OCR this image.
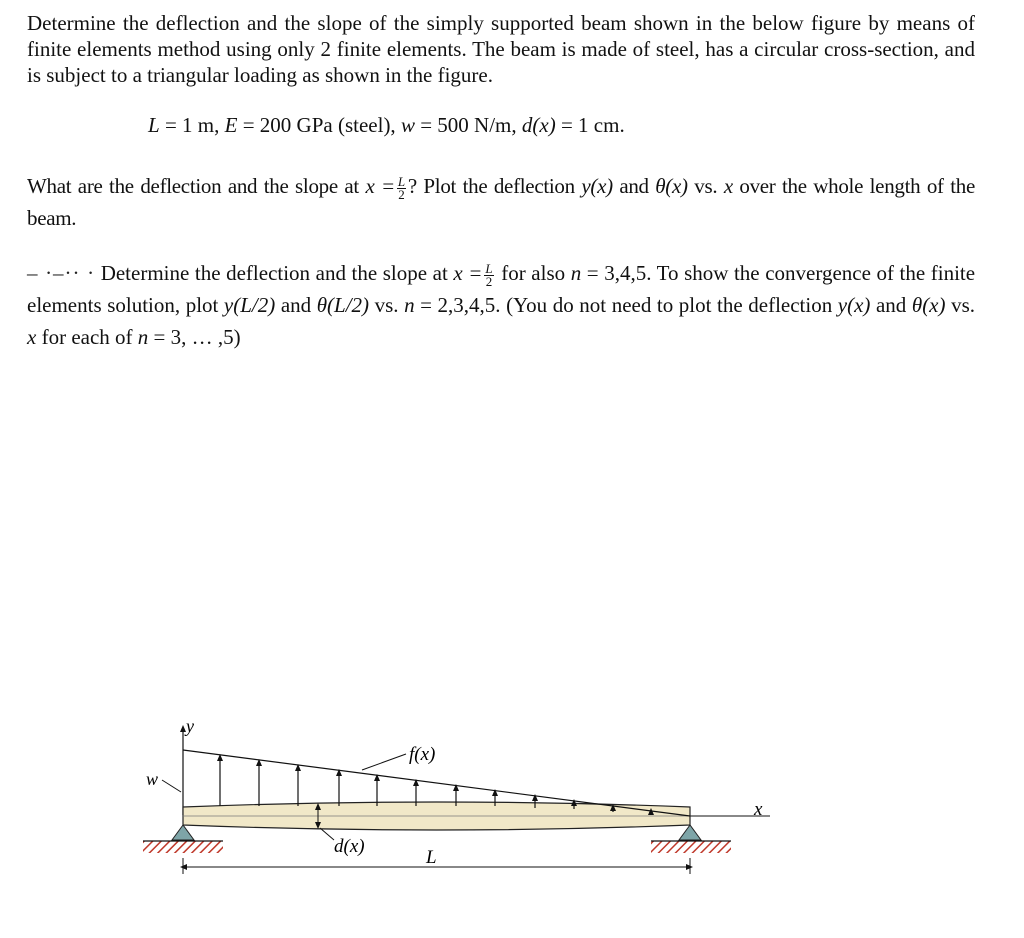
Determine the deflection and the slope of the simply supported beam shown in the below figure by means of finite elements method using only 2 finite elements. The beam is made of steel, has a circular cross-section, and is subject to a triangular loading as shown in the figure.

L = 1 m, E = 200 GPa (steel), w = 500 N/m, d(x) = 1 cm.

What are the deflection and the slope at $x = \frac{L}{2}$ ? Plot the deflection y(x) and θ(x) vs. x over the whole length of the beam.

– ·–·· · Determine the deflection and the slope at $x = \frac{L}{2}$ for also n = 3,4,5. To show the convergence of the finite elements solution, plot y(L/2) and θ(L/2) vs. n = 2,3,4,5. (You do not need to plot the deflection y(x) and θ(x) vs. x for each of n = 3, … ,5)

y
x
w
f(x)
d(x)
L
